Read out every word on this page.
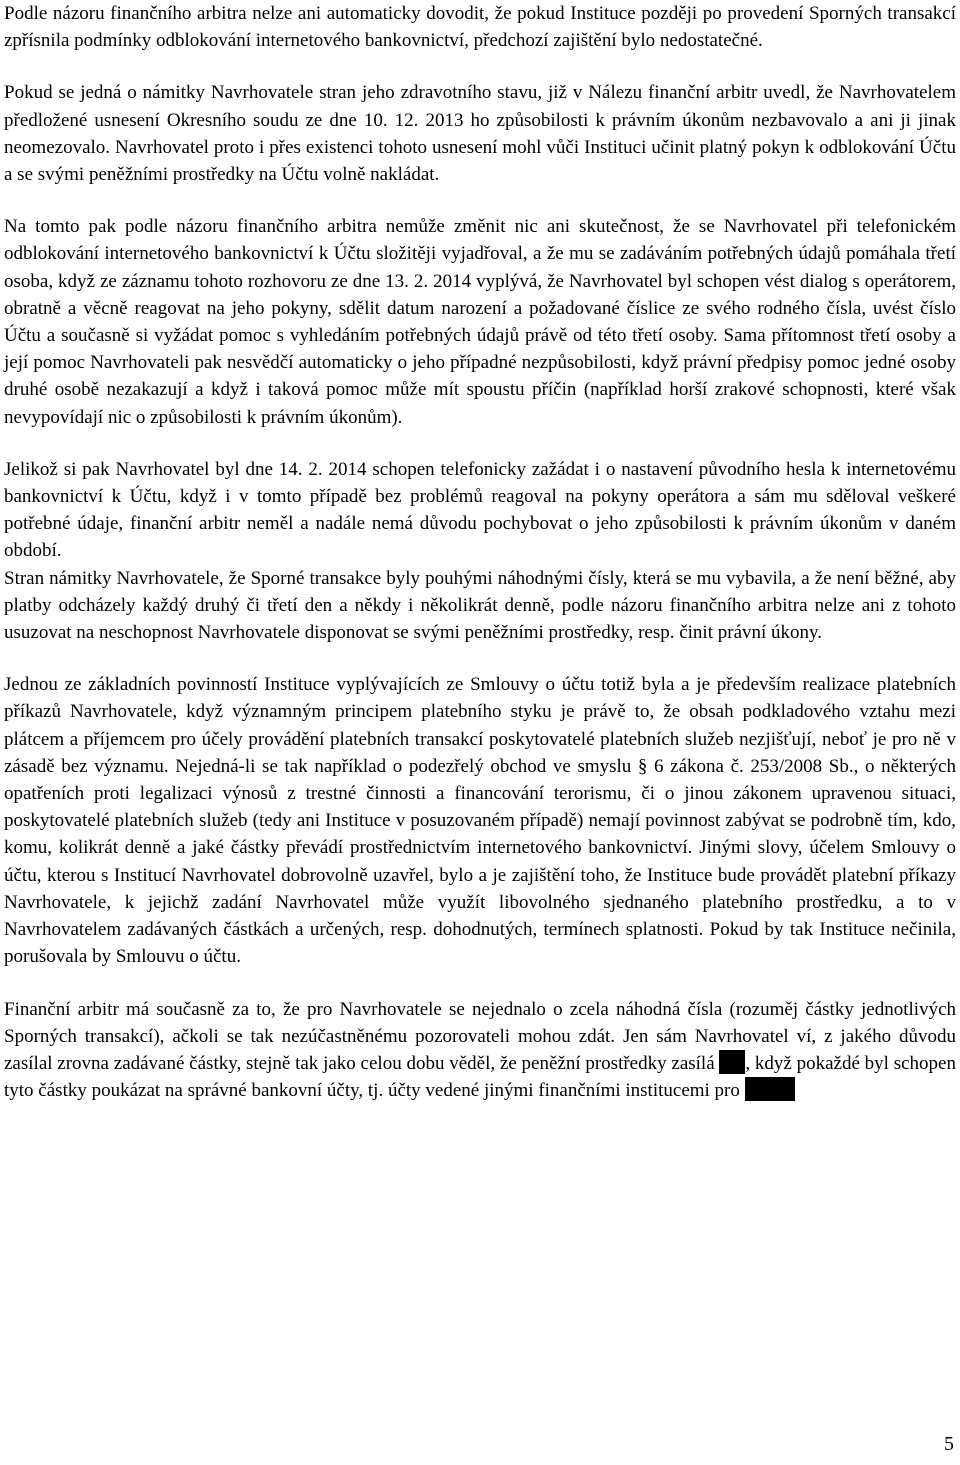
Podle názoru finančního arbitra nelze ani automaticky dovodit, že pokud Instituce později po provedení Sporných transakcí zpřísnila podmínky odblokování internetového bankovnictví, předchozí zajištění bylo nedostatečné.

Pokud se jedná o námitky Navrhovatele stran jeho zdravotního stavu, již v Nálezu finanční arbitr uvedl, že Navrhovatelem předložené usnesení Okresního soudu ze dne 10. 12. 2013 ho způsobilosti k právním úkonům nezbavovalo a ani ji jinak neomezovalo. Navrhovatel proto i přes existenci tohoto usnesení mohl vůči Instituci učinit platný pokyn k odblokování Účtu a se svými peněžními prostředky na Účtu volně nakládat.

Na tomto pak podle názoru finančního arbitra nemůže změnit nic ani skutečnost, že se Navrhovatel při telefonickém odblokování internetového bankovnictví k Účtu složitěji vyjadřoval, a že mu se zadáváním potřebných údajů pomáhala třetí osoba, když ze záznamu tohoto rozhovoru ze dne 13. 2. 2014 vyplývá, že Navrhovatel byl schopen vést dialog s operátorem, obratně a věcně reagovat na jeho pokyny, sdělit datum narození a požadované číslice ze svého rodného čísla, uvést číslo Účtu a současně si vyžádat pomoc s vyhledáním potřebných údajů právě od této třetí osoby. Sama přítomnost třetí osoby a její pomoc Navrhovateli pak nesvědčí automaticky o jeho případné nezpůsobilosti, když právní předpisy pomoc jedné osoby druhé osobě nezakazují a když i taková pomoc může mít spoustu příčin (například horší zrakové schopnosti, které však nevypovídají nic o způsobilosti k právním úkonům).

Jelikož si pak Navrhovatel byl dne 14. 2. 2014 schopen telefonicky zažádat i o nastavení původního hesla k internetovému bankovnictví k Účtu, když i v tomto případě bez problémů reagoval na pokyny operátora a sám mu sděloval veškeré potřebné údaje, finanční arbitr neměl a nadále nemá důvodu pochybovat o jeho způsobilosti k právním úkonům v daném období.

Stran námitky Navrhovatele, že Sporné transakce byly pouhými náhodnými čísly, která se mu vybavila, a že není běžné, aby platby odcházely každý druhý či třetí den a někdy i několikrát denně, podle názoru finančního arbitra nelze ani z tohoto usuzovat na neschopnost Navrhovatele disponovat se svými peněžními prostředky, resp. činit právní úkony.

Jednou ze základních povinností Instituce vyplývajících ze Smlouvy o účtu totiž byla a je především realizace platebních příkazů Navrhovatele, když významným principem platebního styku je právě to, že obsah podkladového vztahu mezi plátcem a příjemcem pro účely provádění platebních transakcí poskytovatelé platebních služeb nezjišťují, neboť je pro ně v zásadě bez významu. Nejedná-li se tak například o podezřelý obchod ve smyslu § 6 zákona č. 253/2008 Sb., o některých opatřeních proti legalizaci výnosů z trestné činnosti a financování terorismu, či o jinou zákonem upravenou situaci, poskytovatelé platebních služeb (tedy ani Instituce v posuzovaném případě) nemají povinnost zabývat se podrobně tím, kdo, komu, kolikrát denně a jaké částky převádí prostřednictvím internetového bankovnictví. Jinými slovy, účelem Smlouvy o účtu, kterou s Institucí Navrhovatel dobrovolně uzavřel, bylo a je zajištění toho, že Instituce bude provádět platební příkazy Navrhovatele, k jejichž zadání Navrhovatel může využít libovolného sjednaného platebního prostředku, a to v Navrhovatelem zadávaných částkách a určených, resp. dohodnutých, termínech splatnosti. Pokud by tak Instituce nečinila, porušovala by Smlouvu o účtu.

Finanční arbitr má současně za to, že pro Navrhovatele se nejednalo o zcela náhodná čísla (rozuměj částky jednotlivých Sporných transakcí), ačkoli se tak nezúčastněnému pozorovateli mohou zdát. Jen sám Navrhovatel ví, z jakého důvodu zasílal zrovna zadávané částky, stejně tak jako celou dobu věděl, že peněžní prostředky zasílá , když pokaždé byl schopen tyto částky poukázat na správné bankovní účty, tj. účty vedené jinými finančními institucemi pro

5
